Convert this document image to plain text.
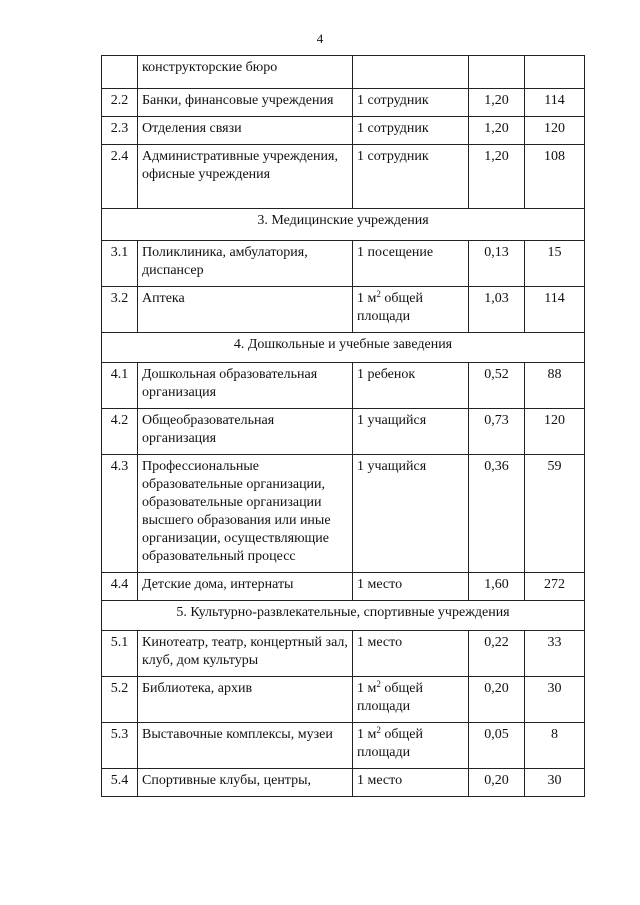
4
	конструкторские бюро			
2.2	Банки, финансовые учреждения	1 сотрудник	1,20	114
2.3	Отделения связи	1 сотрудник	1,20	120
2.4	Административные учреждения, офисные учреждения	1 сотрудник	1,20	108
3. Медицинские учреждения				
3.1	Поликлиника, амбулатория, диспансер	1 посещение	0,13	15
3.2	Аптека	1 $м^2$ общей площади	1,03	114
4. Дошкольные и учебные заведения				
4.1	Дошкольная образовательная организация	1 ребенок	0,52	88
4.2	Общеобразовательная организация	1 учащийся	0,73	120
4.3	Профессиональные образовательные организации, образовательные организации высшего образования или иные организации, осуществляющие образовательный процесс	1 учащийся	0,36	59
4.4	Детские дома, интернаты	1 место	1,60	272
5. Культурно-развлекательные, спортивные учреждения				
5.1	Кинотеатр, театр, концертный зал, клуб, дом культуры	1 место	0,22	33
5.2	Библиотека, архив	1 $м^2$ общей площади	0,20	30
5.3	Выставочные комплексы, музеи	1 $м^2$ общей площади	0,05	8
5.4	Спортивные клубы, центры,	1 место	0,20	30
